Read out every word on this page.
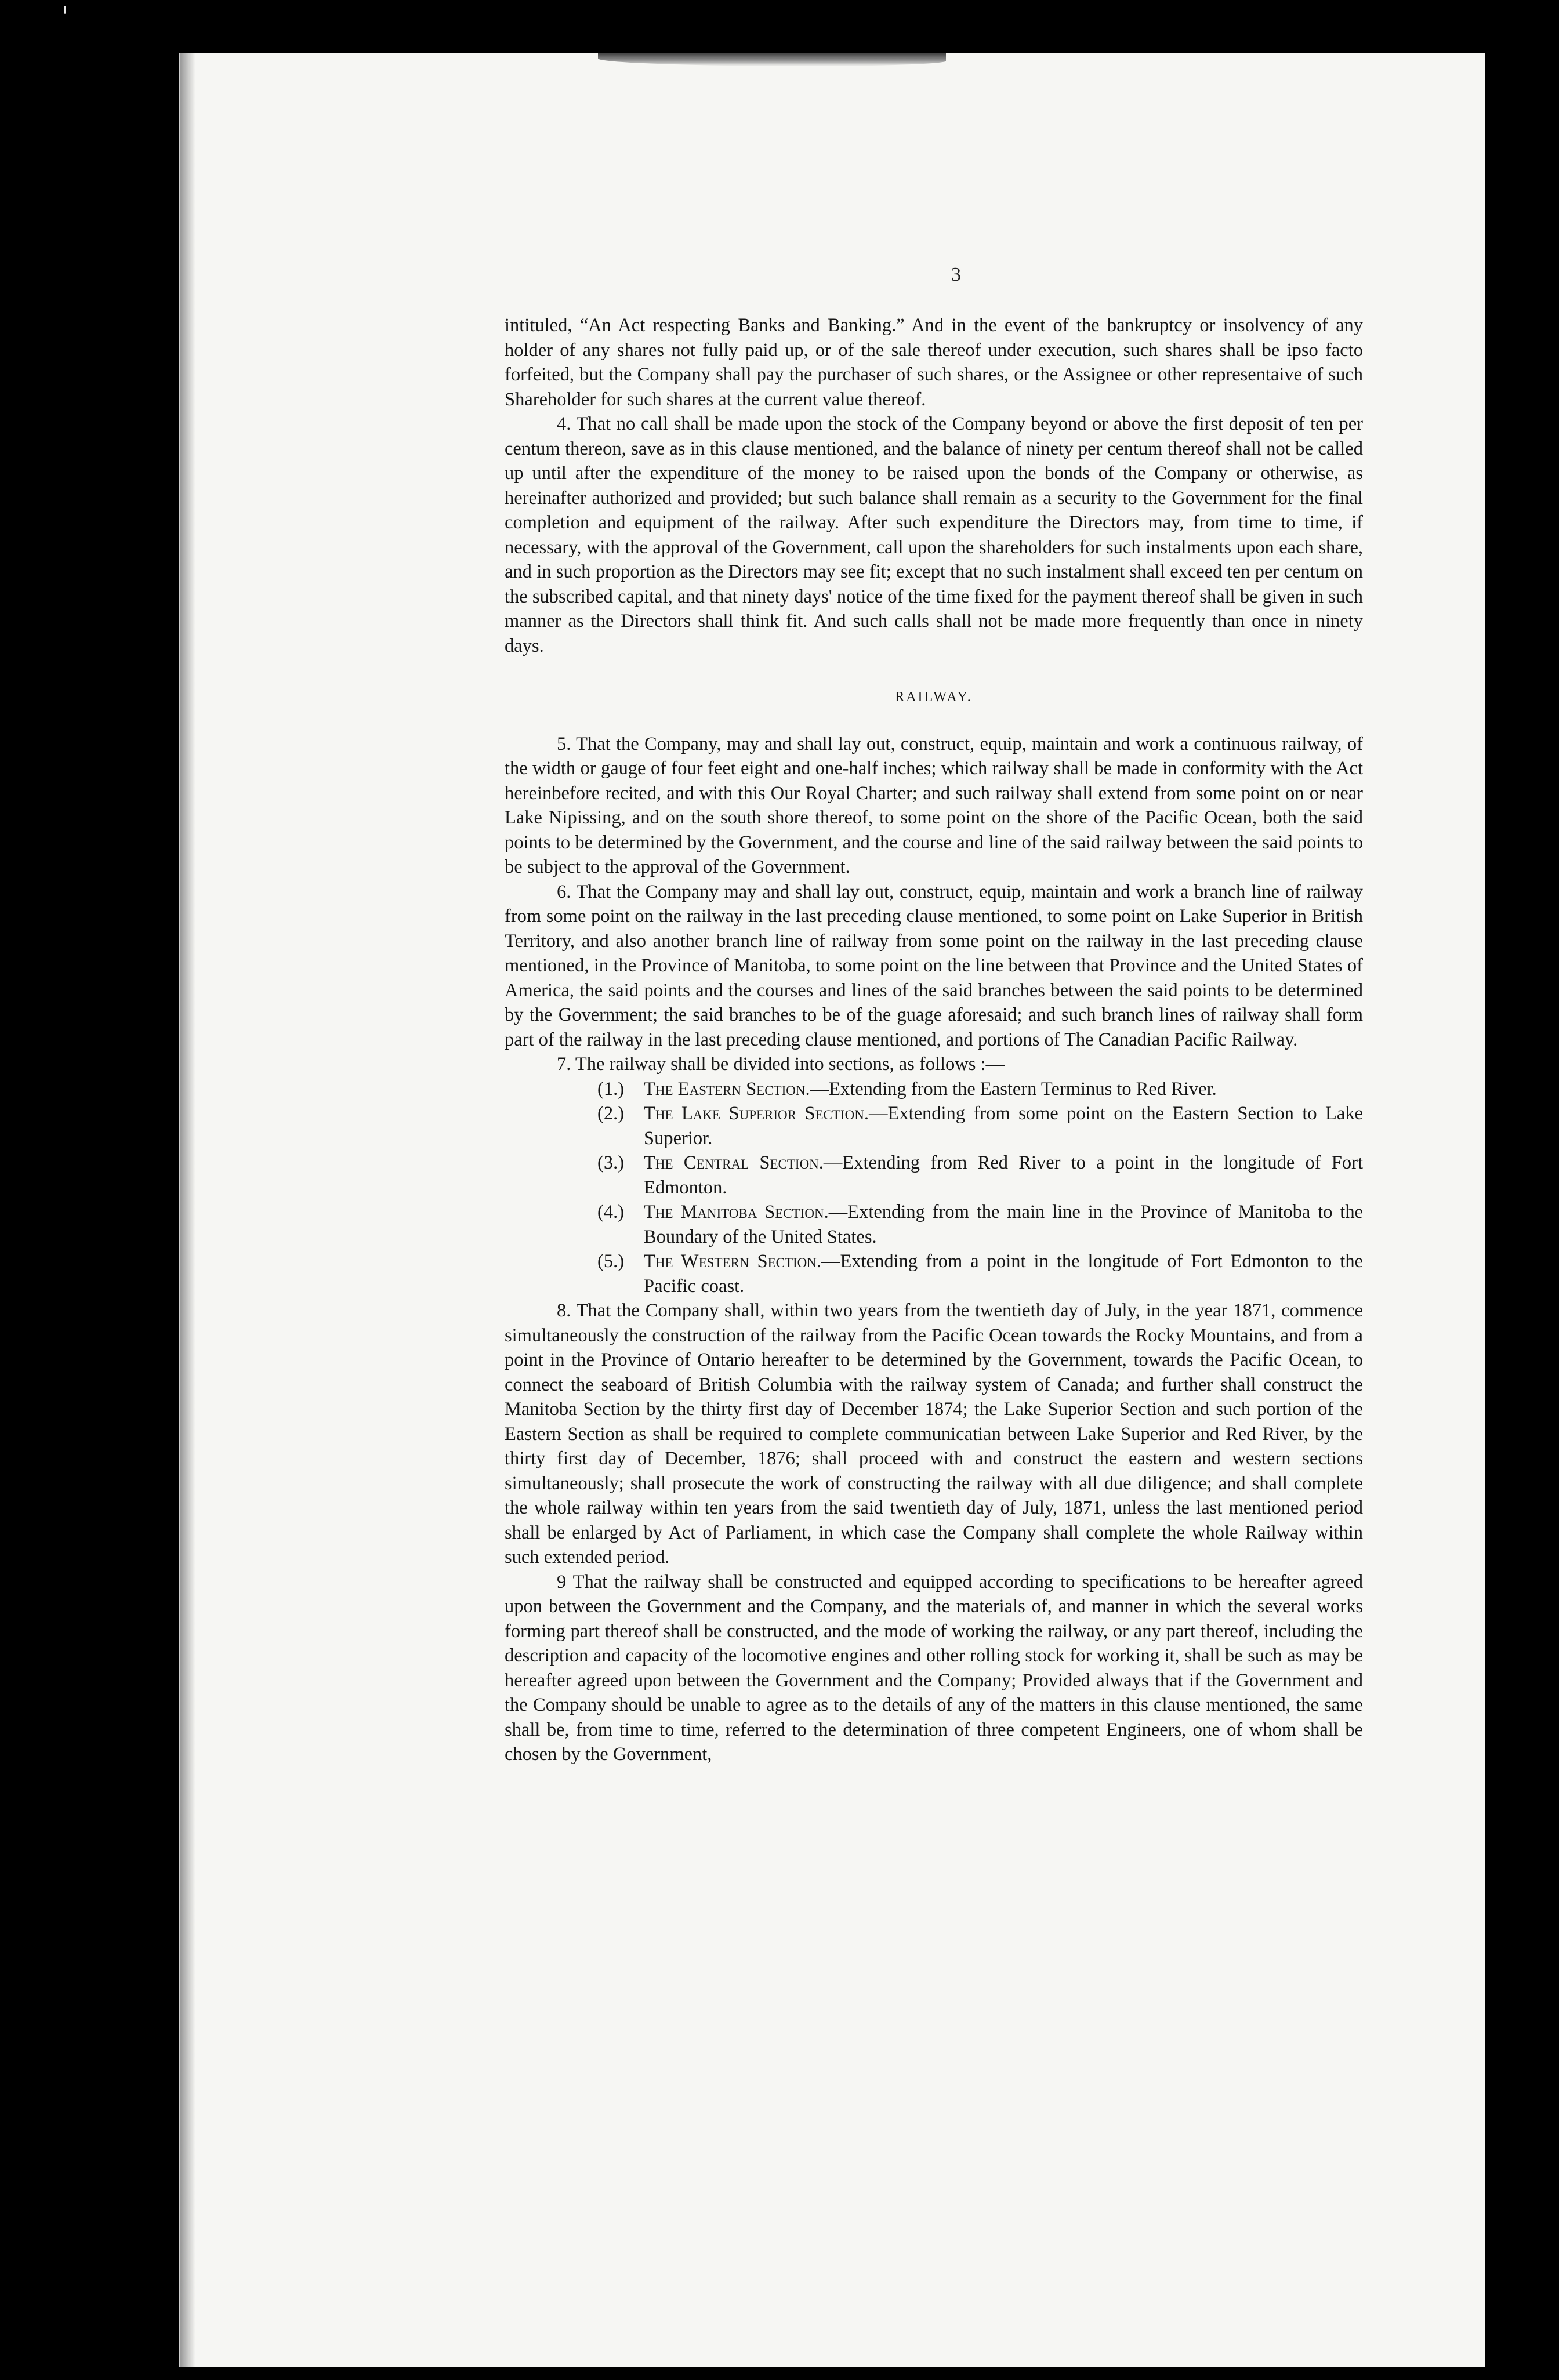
3

intituled, “An Act respecting Banks and Banking.” And in the event of the bankruptcy or insolvency of any holder of any shares not fully paid up, or of the sale thereof under execution, such shares shall be ipso facto forfeited, but the Company shall pay the purchaser of such shares, or the Assignee or other representaive of such Shareholder for such shares at the current value thereof.

4. That no call shall be made upon the stock of the Company beyond or above the first deposit of ten per centum thereon, save as in this clause mentioned, and the balance of ninety per centum thereof shall not be called up until after the expenditure of the money to be raised upon the bonds of the Company or otherwise, as hereinafter authorized and provided; but such balance shall remain as a security to the Government for the final completion and equipment of the railway. After such expenditure the Directors may, from time to time, if necessary, with the approval of the Government, call upon the shareholders for such instalments upon each share, and in such proportion as the Directors may see fit; except that no such instalment shall exceed ten per centum on the subscribed capital, and that ninety days' notice of the time fixed for the payment thereof shall be given in such manner as the Directors shall think fit. And such calls shall not be made more frequently than once in ninety days.

RAILWAY.

5. That the Company, may and shall lay out, construct, equip, maintain and work a continuous railway, of the width or gauge of four feet eight and one-half inches; which railway shall be made in conformity with the Act hereinbefore recited, and with this Our Royal Charter; and such railway shall extend from some point on or near Lake Nipissing, and on the south shore thereof, to some point on the shore of the Pacific Ocean, both the said points to be determined by the Government, and the course and line of the said railway between the said points to be subject to the approval of the Government.

6. That the Company may and shall lay out, construct, equip, maintain and work a branch line of railway from some point on the railway in the last preceding clause mentioned, to some point on Lake Superior in British Territory, and also another branch line of railway from some point on the railway in the last preceding clause mentioned, in the Province of Manitoba, to some point on the line between that Province and the United States of America, the said points and the courses and lines of the said branches between the said points to be determined by the Government; the said branches to be of the guage aforesaid; and such branch lines of railway shall form part of the railway in the last preceding clause mentioned, and portions of The Canadian Pacific Railway.

7. The railway shall be divided into sections, as follows :—

(1.)	The Eastern Section.—Extending from the Eastern Terminus to Red River.
(2.)	The Lake Superior Section.—Extending from some point on the Eastern Section to Lake Superior.
(3.)	The Central Section.—Extending from Red River to a point in the longitude of Fort Edmonton.
(4.)	The Manitoba Section.—Extending from the main line in the Province of Manitoba to the Boundary of the United States.
(5.)	The Western Section.—Extending from a point in the longitude of Fort Edmonton to the Pacific coast.

8. That the Company shall, within two years from the twentieth day of July, in the year 1871, commence simultaneously the construction of the railway from the Pacific Ocean towards the Rocky Mountains, and from a point in the Province of Ontario hereafter to be determined by the Government, towards the Pacific Ocean, to connect the seaboard of British Columbia with the railway system of Canada; and further shall construct the Manitoba Section by the thirty first day of December 1874; the Lake Superior Section and such portion of the Eastern Section as shall be required to complete communicatian between Lake Superior and Red River, by the thirty first day of December, 1876; shall proceed with and construct the eastern and western sections simultaneously; shall prosecute the work of constructing the railway with all due diligence; and shall complete the whole railway within ten years from the said twentieth day of July, 1871, unless the last mentioned period shall be enlarged by Act of Parliament, in which case the Company shall complete the whole Railway within such extended period.

9 That the railway shall be constructed and equipped according to specifications to be hereafter agreed upon between the Government and the Company, and the materials of, and manner in which the several works forming part thereof shall be constructed, and the mode of working the railway, or any part thereof, including the description and capacity of the locomotive engines and other rolling stock for working it, shall be such as may be hereafter agreed upon between the Government and the Company; Provided always that if the Government and the Company should be unable to agree as to the details of any of the matters in this clause mentioned, the same shall be, from time to time, referred to the determination of three competent Engineers, one of whom shall be chosen by the Government,
